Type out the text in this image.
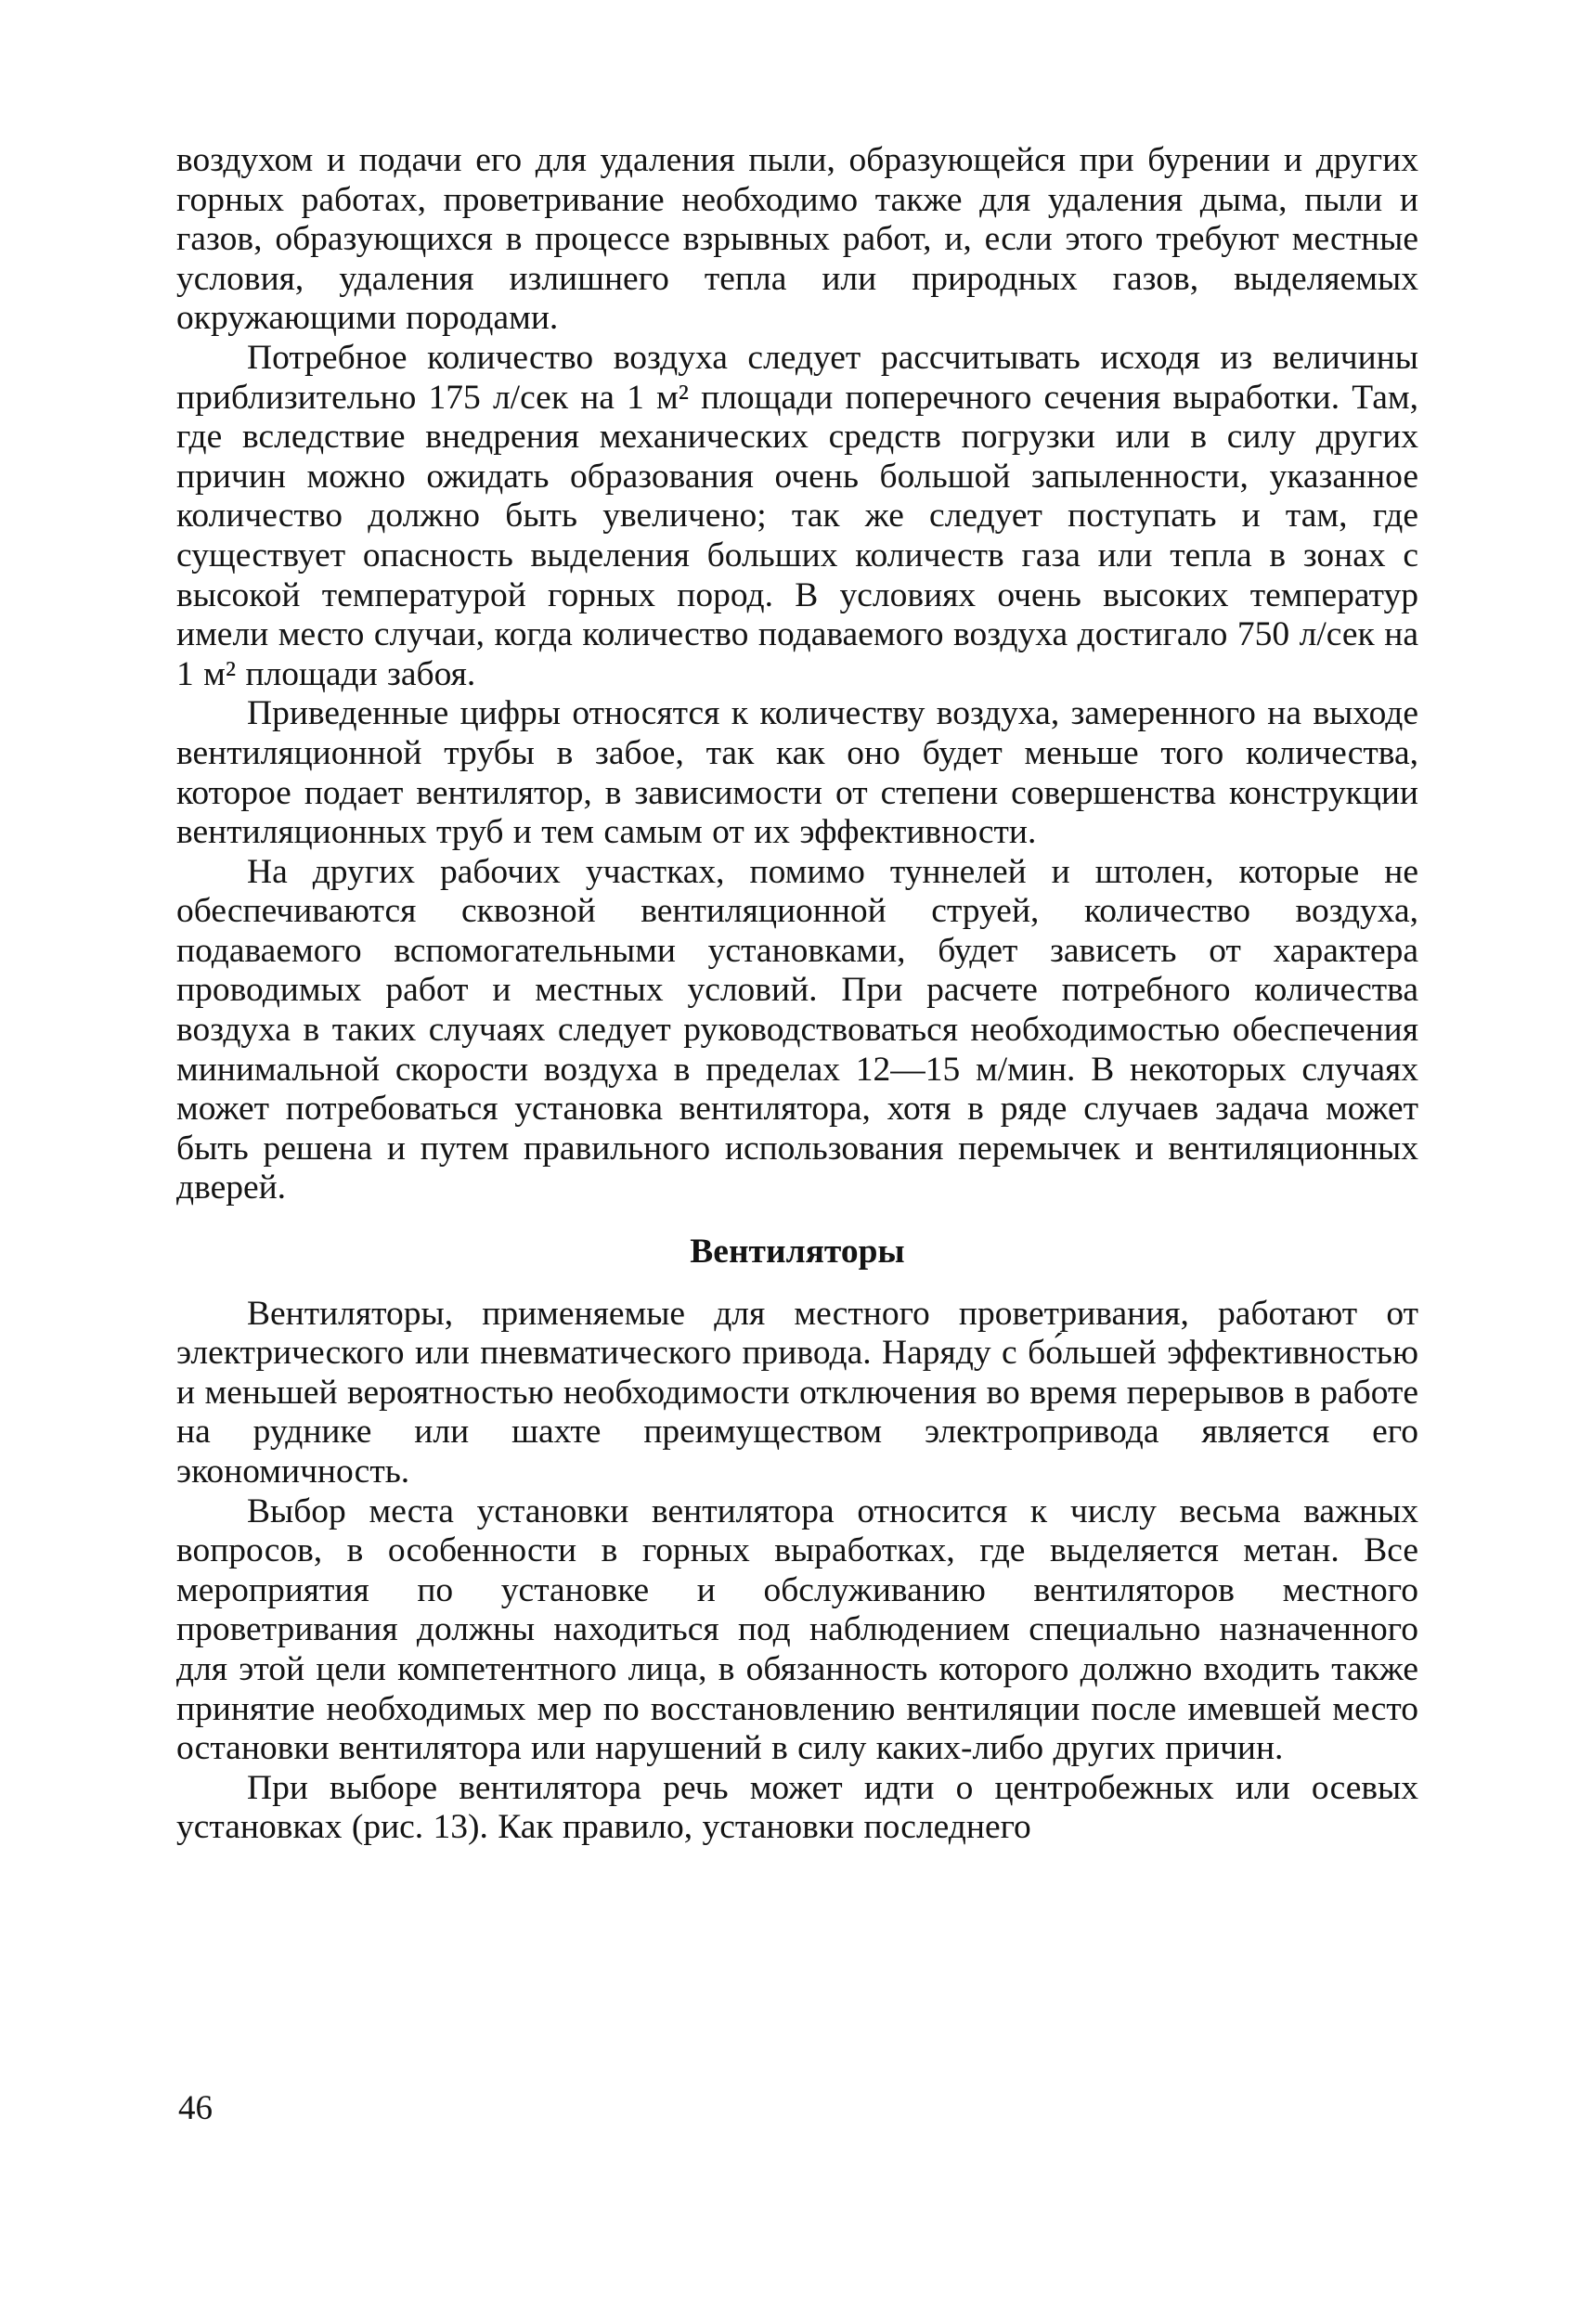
воздухом и подачи его для удаления пыли, образующейся при бурении и других горных работах, проветривание необходимо также для удаления дыма, пыли и газов, образующихся в процессе взрывных работ, и, если этого требуют местные условия, удаления излишнего тепла или природных газов, выделяемых окружающими породами.

Потребное количество воздуха следует рассчитывать исходя из величины приблизительно 175 л/сек на 1 м² площади поперечного сечения выработки. Там, где вследствие внедрения механических средств погрузки или в силу других причин можно ожидать образования очень большой запыленности, указанное количество должно быть увеличено; так же следует поступать и там, где существует опасность выделения больших количеств газа или тепла в зонах с высокой температурой горных пород. В условиях очень высоких температур имели место случаи, когда количество подаваемого воздуха достигало 750 л/сек на 1 м² площади забоя.

Приведенные цифры относятся к количеству воздуха, замеренного на выходе вентиляционной трубы в забое, так как оно будет меньше того количества, которое подает вентилятор, в зависимости от степени совершенства конструкции вентиляционных труб и тем самым от их эффективности.

На других рабочих участках, помимо туннелей и штолен, которые не обеспечиваются сквозной вентиляционной струей, количество воздуха, подаваемого вспомогательными установками, будет зависеть от характера проводимых работ и местных условий. При расчете потребного количества воздуха в таких случаях следует руководствоваться необходимостью обеспечения минимальной скорости воздуха в пределах 12—15 м/мин. В некоторых случаях может потребоваться установка вентилятора, хотя в ряде случаев задача может быть решена и путем правильного использования перемычек и вентиляционных дверей.

Вентиляторы

Вентиляторы, применяемые для местного проветривания, работают от электрического или пневматического привода. Наряду с бо́льшей эффективностью и меньшей вероятностью необходимости отключения во время перерывов в работе на руднике или шахте преимуществом электропривода является его экономичность.

Выбор места установки вентилятора относится к числу весьма важных вопросов, в особенности в горных выработках, где выделяется метан. Все мероприятия по установке и обслуживанию вентиляторов местного проветривания должны находиться под наблюдением специально назначенного для этой цели компетентного лица, в обязанность которого должно входить также принятие необходимых мер по восстановлению вентиляции после имевшей место остановки вентилятора или нарушений в силу каких-либо других причин.

При выборе вентилятора речь может идти о центробежных или осевых установках (рис. 13). Как правило, установки последнего

46
